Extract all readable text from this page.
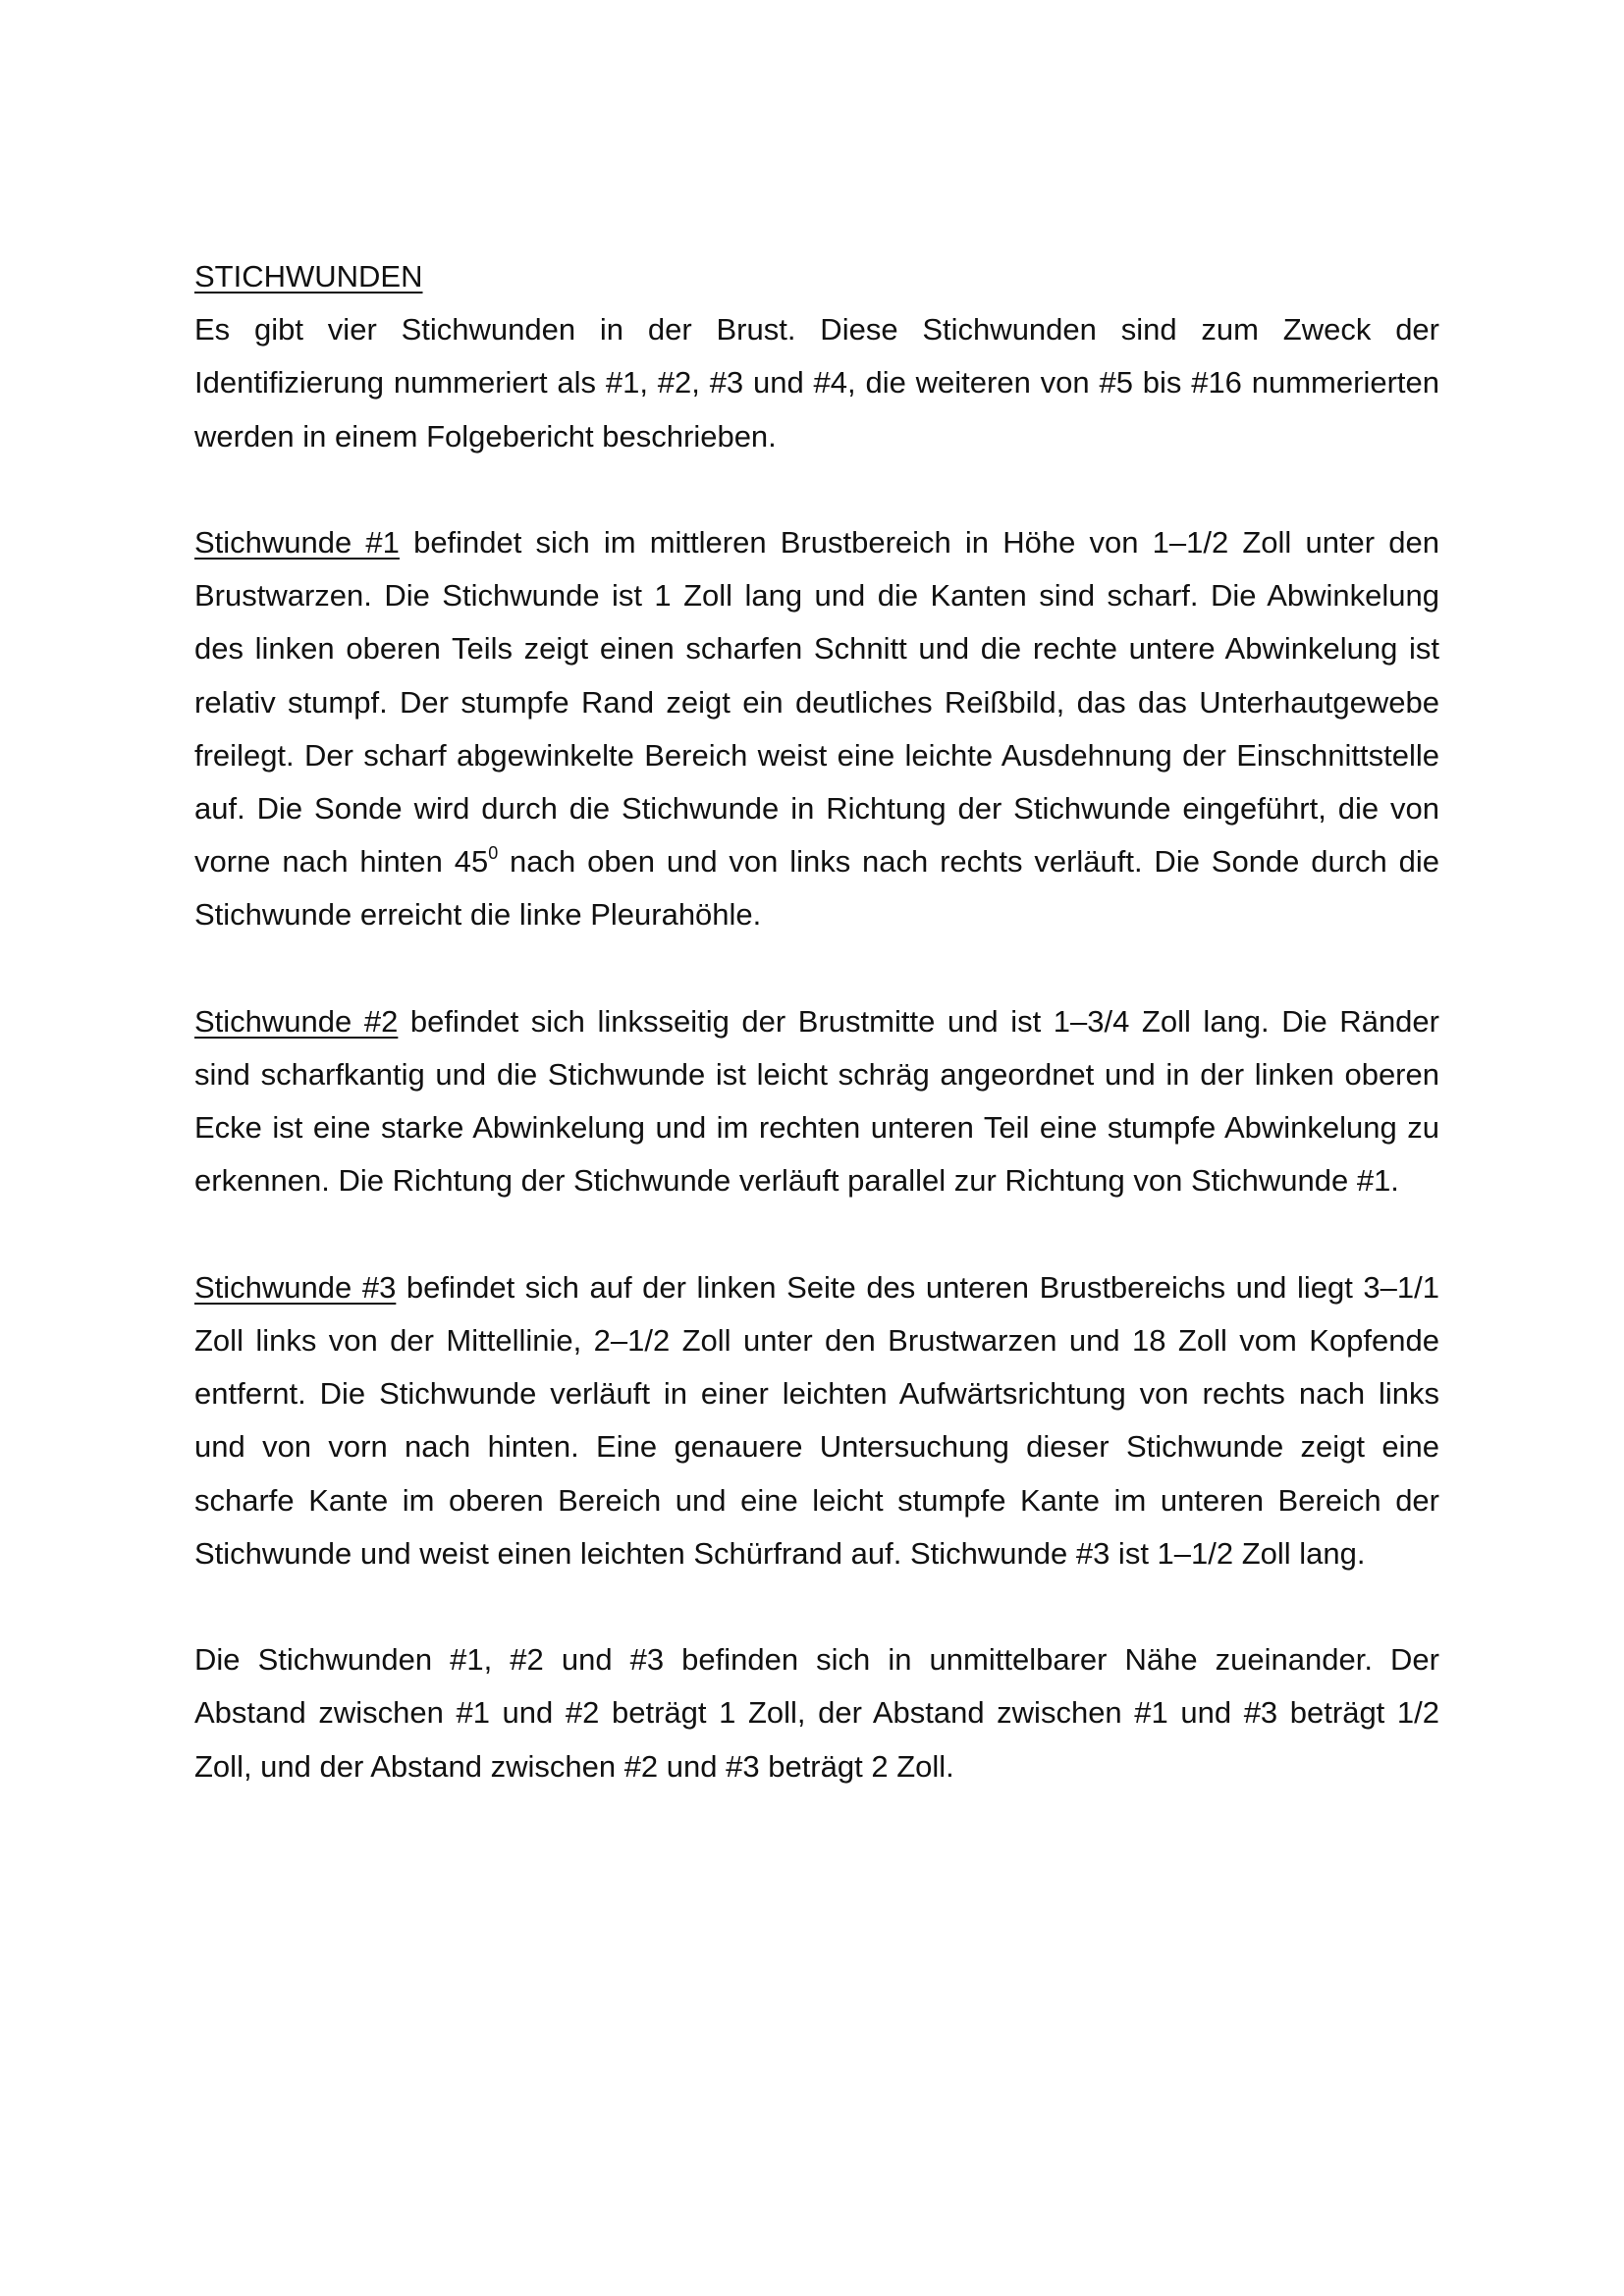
STICHWUNDEN

Es gibt vier Stichwunden in der Brust. Diese Stichwunden sind zum Zweck der Identifizierung nummeriert als #1, #2, #3 und #4, die weiteren von #5 bis #16 nummerierten werden in einem Folgebericht beschrieben.

Stichwunde #1 befindet sich im mittleren Brustbereich in Höhe von 1–1/2 Zoll unter den Brustwarzen. Die Stichwunde ist 1 Zoll lang und die Kanten sind scharf. Die Abwinkelung des linken oberen Teils zeigt einen scharfen Schnitt und die rechte untere Abwinkelung ist relativ stumpf. Der stumpfe Rand zeigt ein deutliches Reißbild, das das Unterhautgewebe freilegt. Der scharf abgewinkelte Bereich weist eine leichte Ausdehnung der Einschnittstelle auf. Die Sonde wird durch die Stichwunde in Richtung der Stichwunde eingeführt, die von vorne nach hinten $45^0$ nach oben und von links nach rechts verläuft. Die Sonde durch die Stichwunde erreicht die linke Pleurahöhle.

Stichwunde #2 befindet sich linksseitig der Brustmitte und ist 1–3/4 Zoll lang. Die Ränder sind scharfkantig und die Stichwunde ist leicht schräg angeordnet und in der linken oberen Ecke ist eine starke Abwinkelung und im rechten unteren Teil eine stumpfe Abwinkelung zu erkennen. Die Richtung der Stichwunde verläuft parallel zur Richtung von Stichwunde #1.

Stichwunde #3 befindet sich auf der linken Seite des unteren Brustbereichs und liegt 3–1/1 Zoll links von der Mittellinie, 2–1/2 Zoll unter den Brustwarzen und 18 Zoll vom Kopfende entfernt. Die Stichwunde verläuft in einer leichten Aufwärtsrichtung von rechts nach links und von vorn nach hinten. Eine genauere Untersuchung dieser Stichwunde zeigt eine scharfe Kante im oberen Bereich und eine leicht stumpfe Kante im unteren Bereich der Stichwunde und weist einen leichten Schürfrand auf. Stichwunde #3 ist 1–1/2 Zoll lang.

Die Stichwunden #1, #2 und #3 befinden sich in unmittelbarer Nähe zueinander. Der Abstand zwischen #1 und #2 beträgt 1 Zoll, der Abstand zwischen #1 und #3 beträgt 1/2 Zoll, und der Abstand zwischen #2 und #3 beträgt 2 Zoll.
